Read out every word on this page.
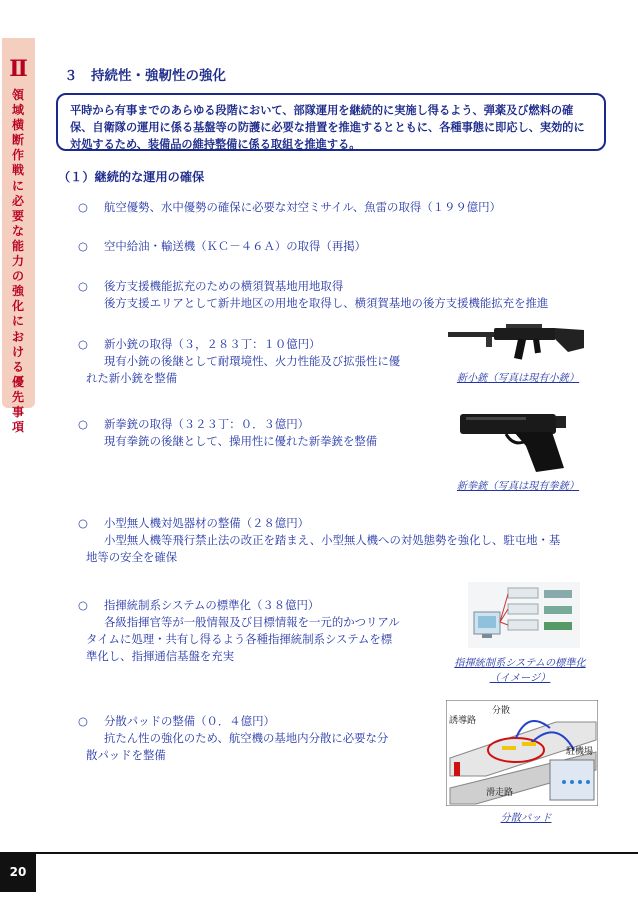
Ⅱ
領域横断作戦に必要な能力の強化における優先事項
３　持続性・強靭性の強化
平時から有事までのあらゆる段階において、部隊運用を継続的に実施し得るよう、弾薬及び燃料の確保、自衛隊の運用に係る基盤等の防護に必要な措置を推進するとともに、各種事態に即応し、実効的に対処するため、装備品の維持整備に係る取組を推進する。
（１）継続的な運用の確保
○	航空優勢、水中優勢の確保に必要な対空ミサイル、魚雷の取得（１９９億円）
○	空中給油・輸送機（ＫＣ－４６Ａ）の取得（再掲）
○	後方支援機能拡充のための横須賀基地用地取得
後方支援エリアとして新井地区の用地を取得し、横須賀基地の後方支援機能拡充を推進
○	新小銃の取得（３，２８３丁：１０億円）
現有小銃の後継として耐環境性、火力性能及び拡張性に優
れた新小銃を整備
○	新拳銃の取得（３２３丁：０．３億円）
現有拳銃の後継として、操用性に優れた新拳銃を整備
○	小型無人機対処器材の整備（２８億円）
小型無人機等飛行禁止法の改正を踏まえ、小型無人機への対処態勢を強化し、駐屯地・基
地等の安全を確保
○	指揮統制系システムの標準化（３８億円）
各級指揮官等が一般情報及び目標情報を一元的かつリアル
タイムに処理・共有し得るよう各種指揮統制系システムを標
準化し、指揮通信基盤を充実
○	分散パッドの整備（０．４億円）
抗たん性の強化のため、航空機の基地内分散に必要な分
散パッドを整備
新小銃（写真は現有小銃）
新拳銃（写真は現有拳銃）
指揮統制系システムの標準化
（イメージ）
誘導路
分散
駐機場
滑走路
分散パッド
20
